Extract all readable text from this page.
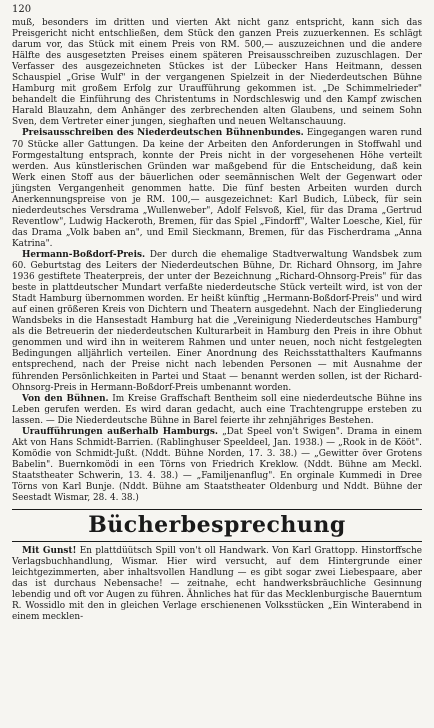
120

muß, besonders im dritten und vierten Akt nicht ganz entspricht, kann sich das Preisgericht nicht entschließen, dem Stück den ganzen Preis zuzuerkennen. Es schlägt darum vor, das Stück mit einem Preis von RM. 500,— auszuzeichnen und die andere Hälfte des ausgesetzten Preises einem späteren Preisausschreiben zuzuschlagen. Der Verfasser des ausgezeichneten Stückes ist der Lübecker Hans Heitmann, dessen Schauspiel „Grise Wulf" in der vergangenen Spielzeit in der Niederdeutschen Bühne Hamburg mit großem Erfolg zur Uraufführung gekommen ist. „De Schimmelrieder" behandelt die Einführung des Christentums in Nordschleswig und den Kampf zwischen Harald Blauzahn, dem Anhänger des zerbrechenden alten Glaubens, und seinem Sohn Sven, dem Vertreter einer jungen, sieghaften und neuen Weltanschauung.

Preisausschreiben des Niederdeutschen Bühnenbundes. Eingegangen waren rund 70 Stücke aller Gattungen. Da keine der Arbeiten den Anforderungen in Stoffwahl und Formgestaltung entsprach, konnte der Preis nicht in der vorgesehenen Höhe verteilt werden. Aus künstlerischen Gründen war maßgebend für die Entscheidung, daß kein Werk einen Stoff aus der bäuerlichen oder seemännischen Welt der Gegenwart oder jüngsten Vergangenheit genommen hatte. Die fünf besten Arbeiten wurden durch Anerkennungspreise von je RM. 100,— ausgezeichnet: Karl Budich, Lübeck, für sein niederdeutsches Versdrama „Wullenweber", Adolf Felsvoß, Kiel, für das Drama „Gertrud Reventlow", Ludwig Hackeroth, Bremen, für das Spiel „Findorff", Walter Loesche, Kiel, für das Drama „Volk baben an", und Emil Sieckmann, Bremen, für das Fischerdrama „Anna Katrina".

Hermann-Boßdorf-Preis. Der durch die ehemalige Stadtverwaltung Wandsbek zum 60. Geburtstag des Leiters der Niederdeutschen Bühne, Dr. Richard Ohnsorg, im Jahre 1936 gestiftete Theaterpreis, der unter der Bezeichnung „Richard-Ohnsorg-Preis" für das beste in plattdeutscher Mundart verfaßte niederdeutsche Stück verteilt wird, ist von der Stadt Hamburg übernommen worden. Er heißt künftig „Hermann-Boßdorf-Preis" und wird auf einen größeren Kreis von Dichtern und Theatern ausgedehnt. Nach der Eingliederung Wandsbeks in die Hansestadt Hamburg hat die „Vereinigung Niederdeutsches Hamburg" als die Betreuerin der niederdeutschen Kulturarbeit in Hamburg den Preis in ihre Obhut genommen und wird ihn in weiterem Rahmen und unter neuen, noch nicht festgelegten Bedingungen alljährlich verteilen. Einer Anordnung des Reichsstatthalters Kaufmanns entsprechend, nach der Preise nicht nach lebenden Personen — mit Ausnahme der führenden Persönlichkeiten in Partei und Staat — benannt werden sollen, ist der Richard-Ohnsorg-Preis in Hermann-Boßdorf-Preis umbenannt worden.

Von den Bühnen. Im Kreise Graffschaft Bentheim soll eine niederdeutsche Bühne ins Leben gerufen werden. Es wird daran gedacht, auch eine Trachtengruppe ersteben zu lassen. — Die Niederdeutsche Bühne in Barel feierte ihr zehnjähriges Bestehen.

Uraufführungen außerhalb Hamburgs. „Dat Speel von't Swigen". Drama in einem Akt von Hans Schmidt-Barrien. (Rablinghuser Speeldeel, Jan. 1938.) — „Rook in de Kööt". Komödie von Schmidt-Jußt. (Nddt. Bühne Norden, 17. 3. 38.) — „Gewitter över Grotens Babelin". Buernkomödi in een Törns von Friedrich Kreklow. (Nddt. Bühne am Meckl. Staatstheater Schwerin, 13. 4. 38.) — „Familjenanflug". En orginale Kummedi in Dree Törns von Karl Bunje. (Nddt. Bühne am Staatstheater Oldenburg und Nddt. Bühne der Seestadt Wismar, 28. 4. 38.)

Bücherbesprechung

Mit Gunst! En plattdüütsch Spill von't oll Handwark. Von Karl Grattopp. Hinstorffsche Verlagsbuchhandlung, Wismar. Hier wird versucht, auf dem Hintergrunde einer leichtgezimmerten, aber inhaltsvollen Handlung — es gibt sogar zwei Liebespaare, aber das ist durchaus Nebensache! — zeitnahe, echt handwerksbräuchliche Gesinnung lebendig und oft vor Augen zu führen. Ähnliches hat für das Mecklenburgische Bauerntum R. Wossidlo mit den in gleichen Verlage erschienenen Volksstücken „Ein Winterabend in einem mecklen-
